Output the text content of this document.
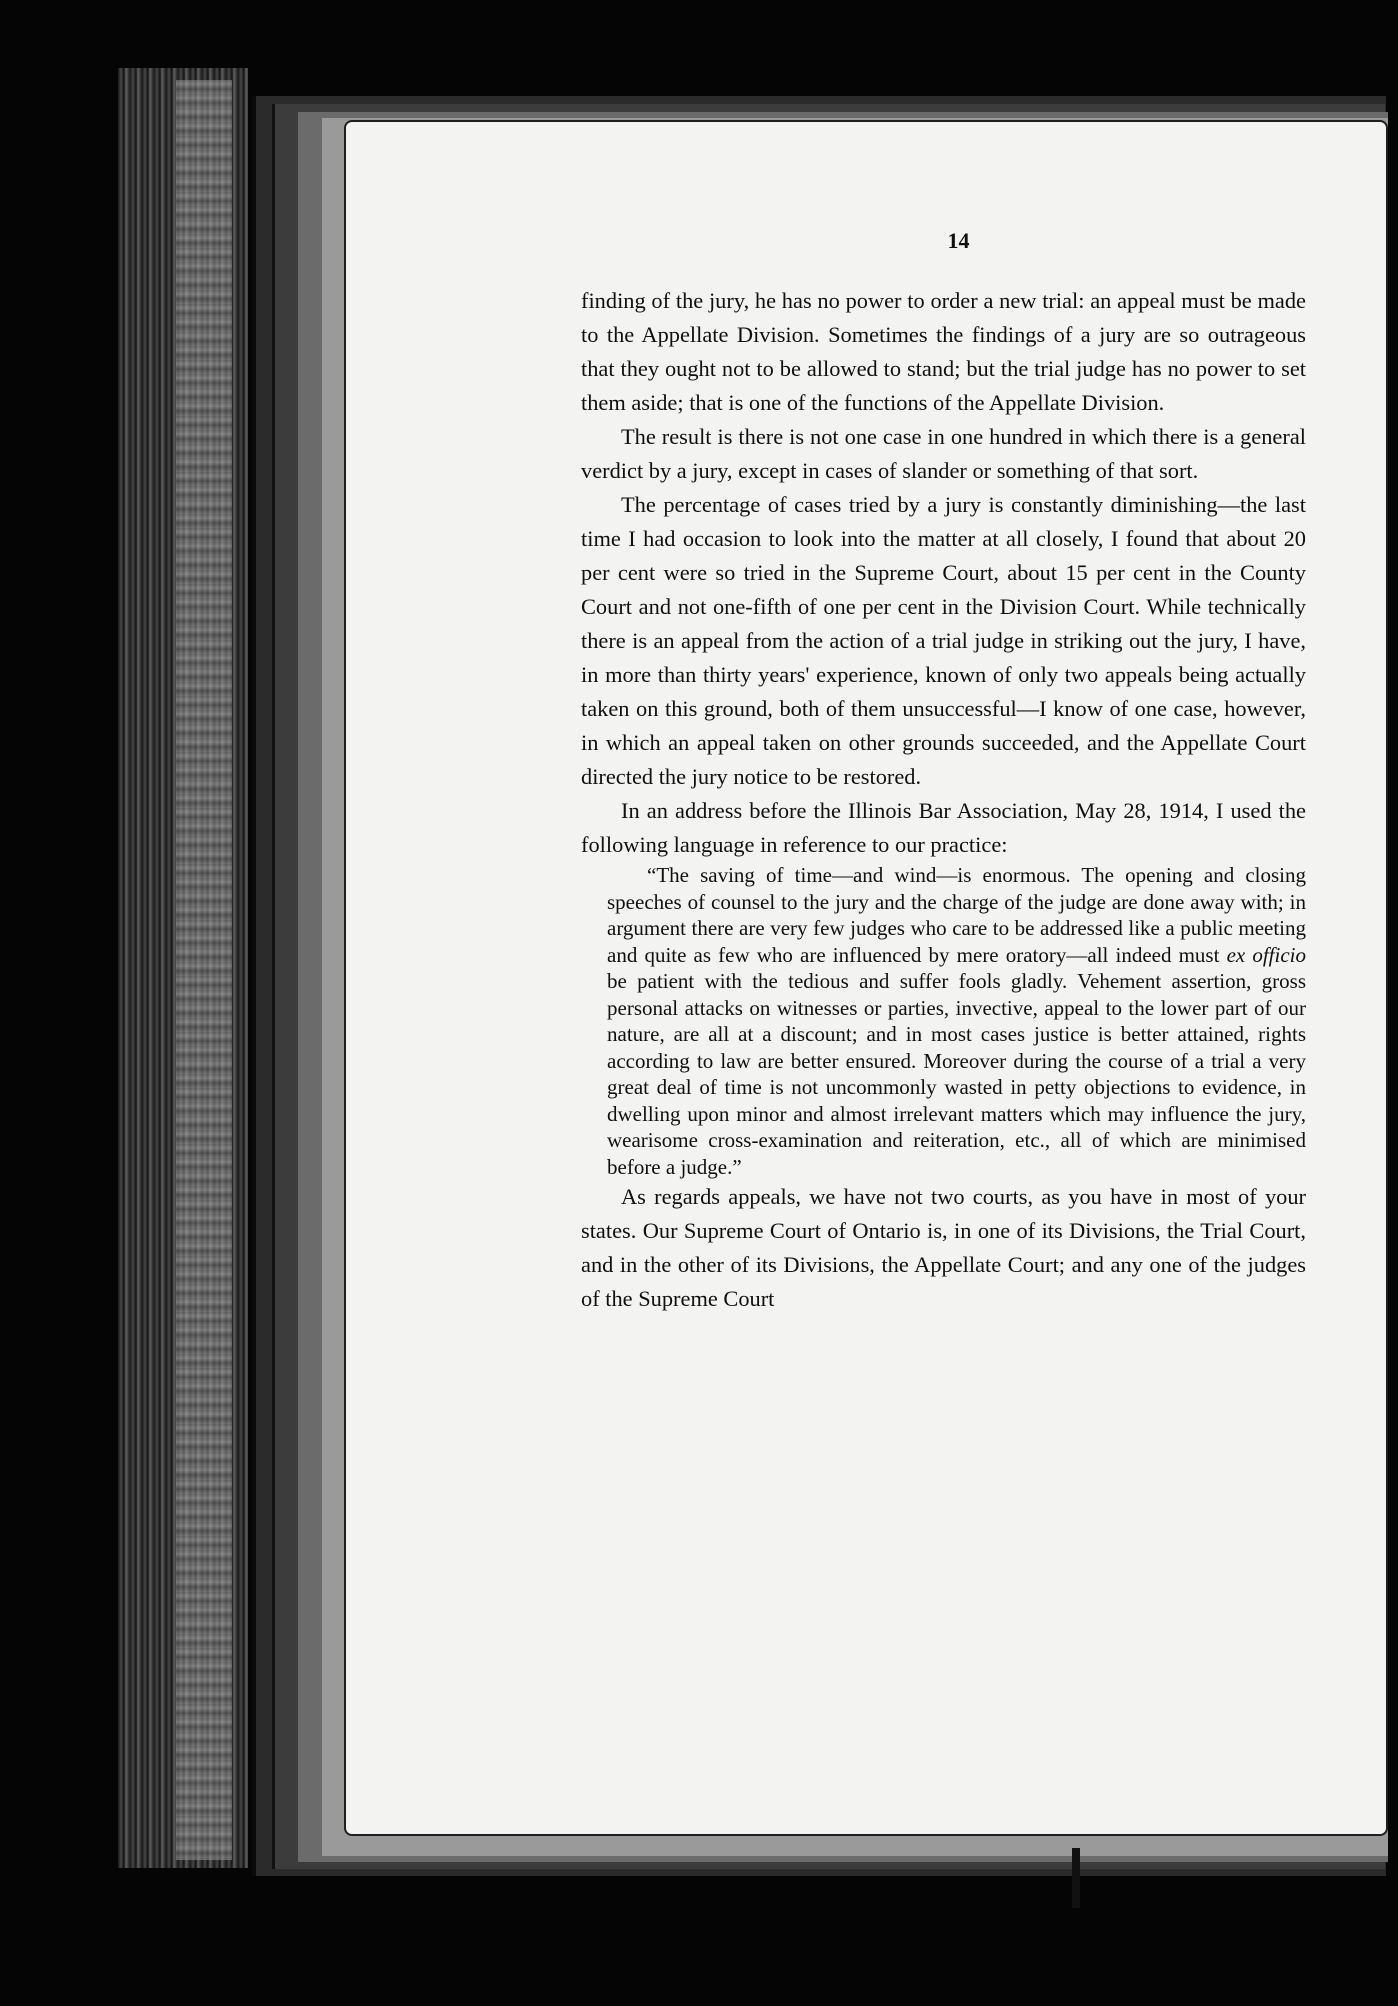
14

finding of the jury, he has no power to order a new trial: an appeal must be made to the Appellate Division. Sometimes the findings of a jury are so outrageous that they ought not to be allowed to stand; but the trial judge has no power to set them aside; that is one of the functions of the Appellate Division.

The result is there is not one case in one hundred in which there is a general verdict by a jury, except in cases of slander or something of that sort.

The percentage of cases tried by a jury is constantly diminishing—the last time I had occasion to look into the matter at all closely, I found that about 20 per cent were so tried in the Supreme Court, about 15 per cent in the County Court and not one-fifth of one per cent in the Division Court. While technically there is an appeal from the action of a trial judge in striking out the jury, I have, in more than thirty years' experience, known of only two appeals being actually taken on this ground, both of them unsuccessful—I know of one case, however, in which an appeal taken on other grounds succeeded, and the Appellate Court directed the jury notice to be restored.

In an address before the Illinois Bar Association, May 28, 1914, I used the following language in reference to our practice:

“The saving of time—and wind—is enormous. The opening and closing speeches of counsel to the jury and the charge of the judge are done away with; in argument there are very few judges who care to be addressed like a public meeting and quite as few who are influenced by mere oratory—all indeed must ex officio be patient with the tedious and suffer fools gladly. Vehement assertion, gross personal attacks on witnesses or parties, invective, appeal to the lower part of our nature, are all at a discount; and in most cases justice is better attained, rights according to law are better ensured. Moreover during the course of a trial a very great deal of time is not uncommonly wasted in petty objections to evidence, in dwelling upon minor and almost irrelevant matters which may influence the jury, wearisome cross-examination and reiteration, etc., all of which are minimised before a judge.”

As regards appeals, we have not two courts, as you have in most of your states. Our Supreme Court of Ontario is, in one of its Divisions, the Trial Court, and in the other of its Divisions, the Appellate Court; and any one of the judges of the Supreme Court
